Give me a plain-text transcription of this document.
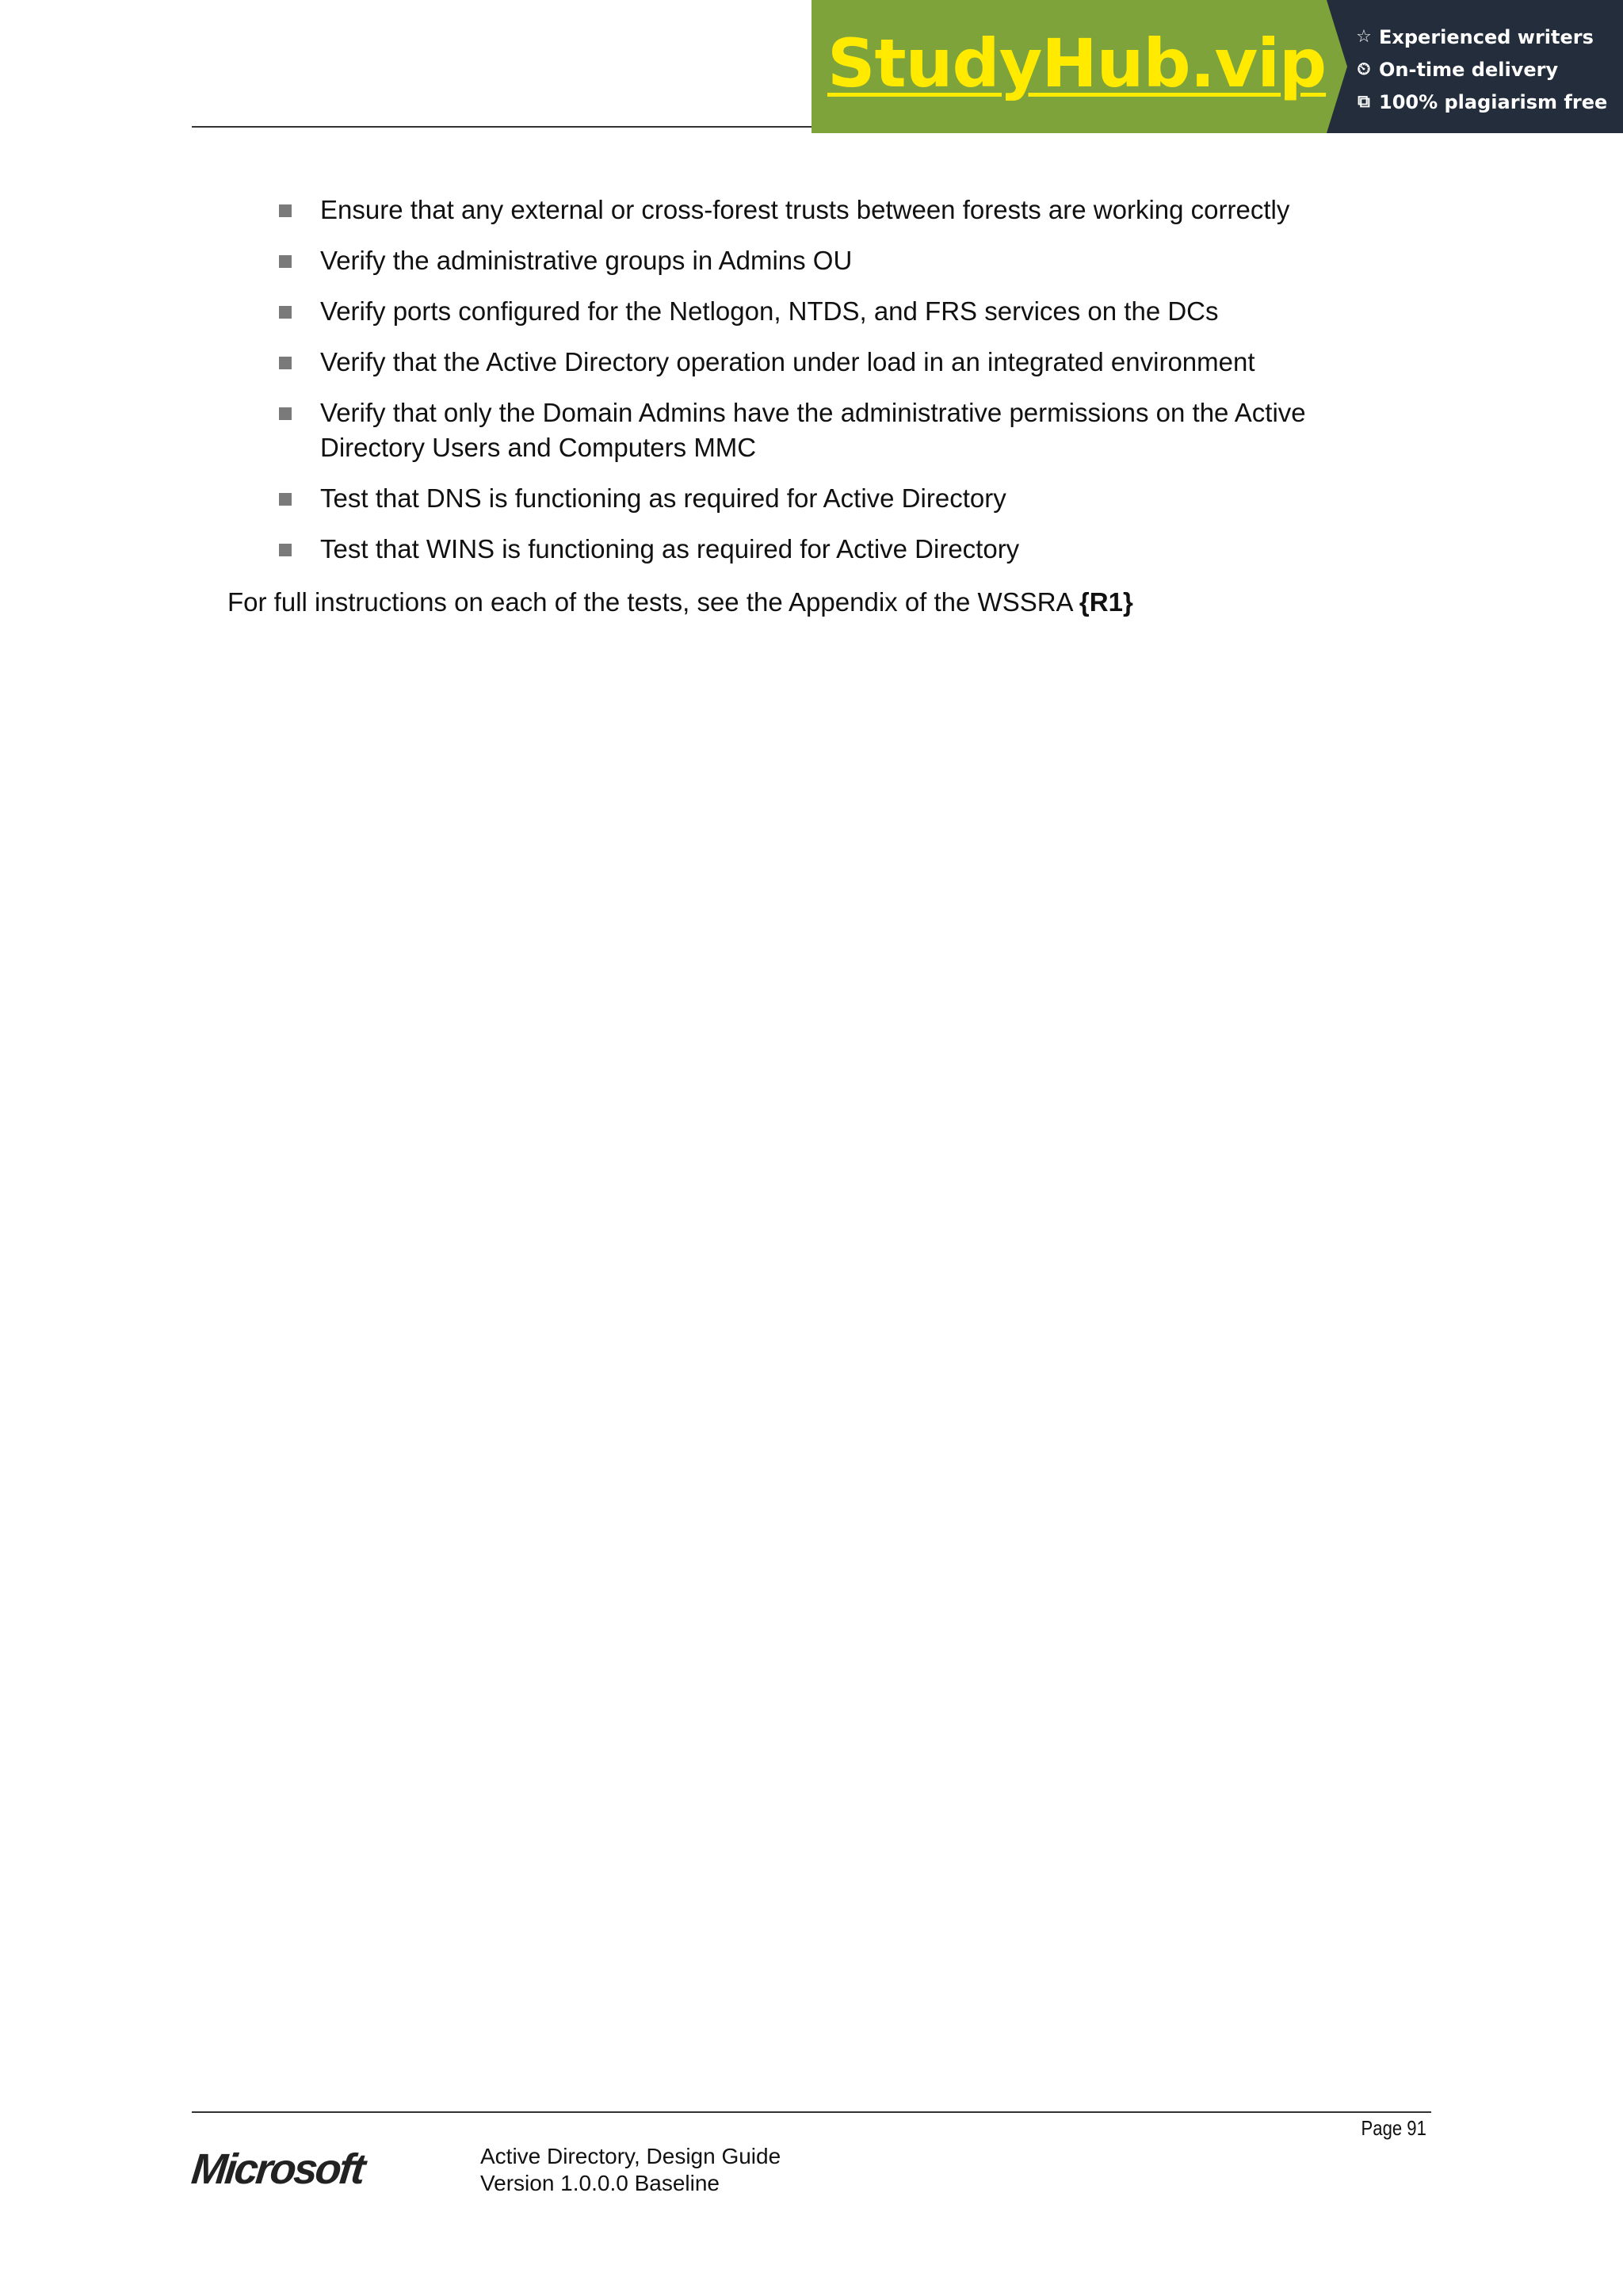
StudyHub.vip ☆ Experienced writers
⏲ On-time delivery
⧉ 100% plagiarism free
Ensure that any external or cross-forest trusts between forests are working correctly
Verify the administrative groups in Admins OU
Verify ports configured for the Netlogon, NTDS, and FRS services on the DCs
Verify that the Active Directory operation under load in an integrated environment
Verify that only the Domain Admins have the administrative permissions on the Active Directory Users and Computers MMC
Test that DNS is functioning as required for Active Directory
Test that WINS is functioning as required for Active Directory

For full instructions on each of the tests, see the Appendix of the WSSRA {R1}

Page 91
Microsoft	Active Directory, Design Guide
Version 1.0.0.0 Baseline
